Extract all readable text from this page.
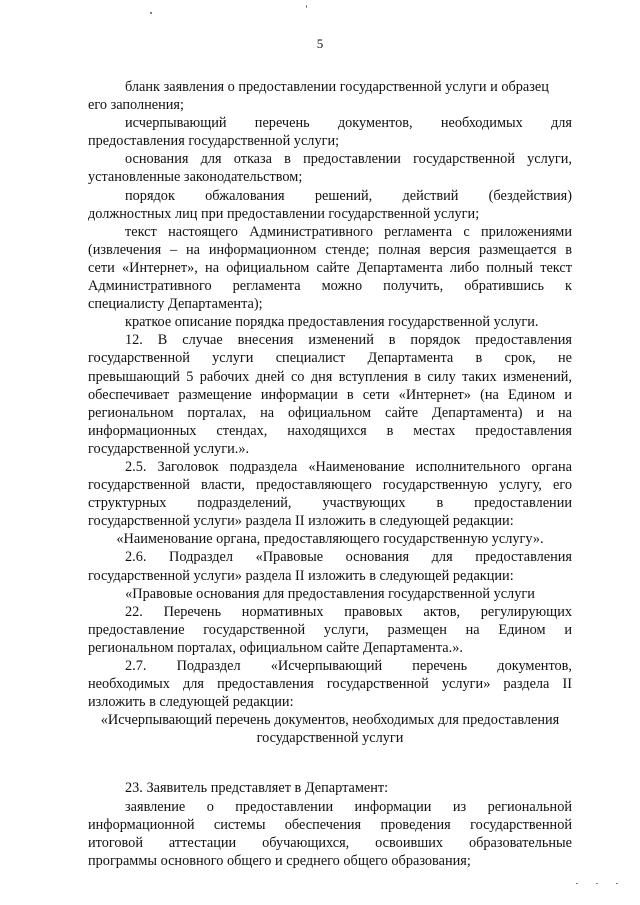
5
бланк заявления о предоставлении государственной услуги и образец
его заполнения;
исчерпывающий перечень документов, необходимых для
предоставления государственной услуги;
основания для отказа в предоставлении государственной услуги,
установленные законодательством;
порядок обжалования решений, действий (бездействия)
должностных лиц при предоставлении государственной услуги;
текст настоящего Административного регламента с приложениями
(извлечения – на информационном стенде; полная версия размещается в
сети «Интернет», на официальном сайте Департамента либо полный текст
Административного регламента можно получить, обратившись к
специалисту Департамента);
краткое описание порядка предоставления государственной услуги.
12. В случае внесения изменений в порядок предоставления
государственной услуги специалист Департамента в срок, не
превышающий 5 рабочих дней со дня вступления в силу таких изменений,
обеспечивает размещение информации в сети «Интернет» (на Едином и
региональном порталах, на официальном сайте Департамента) и на
информационных стендах, находящихся в местах предоставления
государственной услуги.».
2.5. Заголовок подраздела «Наименование исполнительного органа
государственной власти, предоставляющего государственную услугу, его
структурных подразделений, участвующих в предоставлении
государственной услуги» раздела II изложить в следующей редакции:
«Наименование органа, предоставляющего государственную услугу».
2.6. Подраздел «Правовые основания для предоставления
государственной услуги» раздела II изложить в следующей редакции:
«Правовые основания для предоставления государственной услуги
22. Перечень нормативных правовых актов, регулирующих
предоставление государственной услуги, размещен на Едином и
региональном порталах, официальном сайте Департамента.».
2.7. Подраздел «Исчерпывающий перечень документов,
необходимых для предоставления государственной услуги» раздела II
изложить в следующей редакции:
«Исчерпывающий перечень документов, необходимых для предоставления
государственной услуги
23. Заявитель представляет в Департамент:
заявление о предоставлении информации из региональной
информационной системы обеспечения проведения государственной
итоговой аттестации обучающихся, освоивших образовательные
программы основного общего и среднего общего образования;
